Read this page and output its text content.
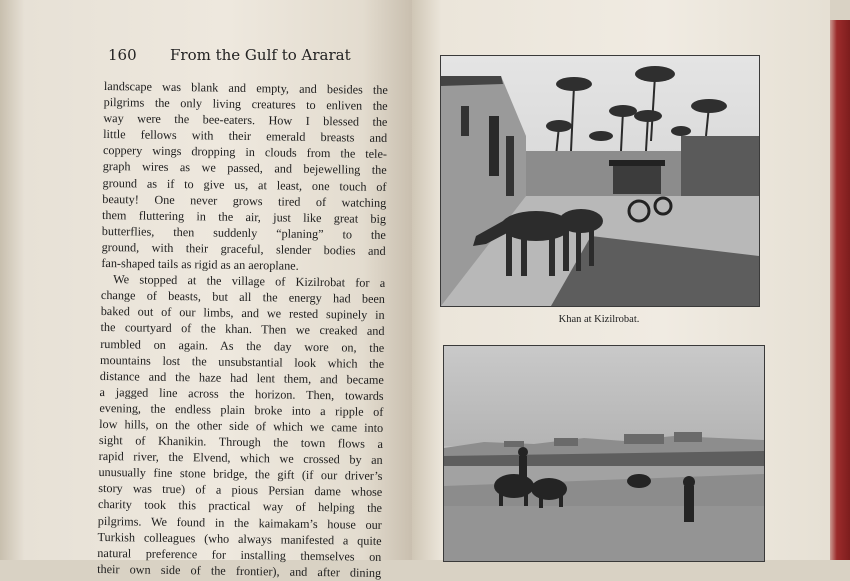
160 From the Gulf to Ararat
landscape was blank and empty, and besides the
pilgrims the only living creatures to enliven the
way were the bee-eaters. How I blessed the
little fellows with their emerald breasts and
coppery wings dropping in clouds from the tele-
graph wires as we passed, and bejewelling the
ground as if to give us, at least, one touch of
beauty! One never grows tired of watching
them fluttering in the air, just like great big
butterflies, then suddenly “planing” to the
ground, with their graceful, slender bodies and
fan-shaped tails as rigid as an aeroplane.
We stopped at the village of Kizilrobat for a
change of beasts, but all the energy had been
baked out of our limbs, and we rested supinely in
the courtyard of the khan. Then we creaked and
rumbled on again. As the day wore on, the
mountains lost the unsubstantial look which the
distance and the haze had lent them, and became
a jagged line across the horizon. Then, towards
evening, the endless plain broke into a ripple of
low hills, on the other side of which we came into
sight of Khanikin. Through the town flows a
rapid river, the Elvend, which we crossed by an
unusually fine stone bridge, the gift (if our driver’s
story was true) of a pious Persian dame whose
charity took this practical way of helping the
pilgrims. We found in the kaimakam’s house our
Turkish colleagues (who always manifested a quite
natural preference for installing themselves on
their own side of the frontier), and after dining
Khan at Kizilrobat.
